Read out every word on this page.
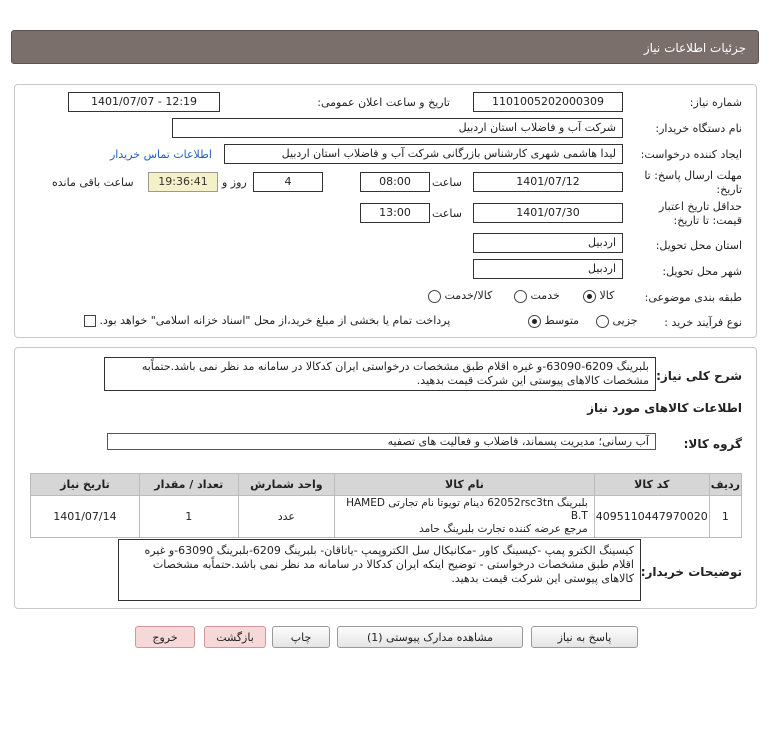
جزئیات اطلاعات نیاز
شماره نیاز:
1101005202000309
تاریخ و ساعت اعلان عمومی:
1401/07/07 - 12:19
نام دستگاه خریدار:
شرکت آب و فاضلاب استان اردبیل
ایجاد کننده درخواست:
لیدا هاشمی شهری کارشناس بازرگانی شرکت آب و فاضلاب استان اردبیل
اطلاعات تماس خریدار
مهلت ارسال پاسخ: تا
تاریخ:
1401/07/12
ساعت
08:00
4
روز و
19:36:41
ساعت باقی مانده
حداقل تاریخ اعتبار
قیمت: تا تاریخ:
1401/07/30
ساعت
13:00
استان محل تحویل:
اردبیل
شهر محل تحویل:
اردبیل
طبقه بندی موضوعی:
کالا
خدمت
کالا/خدمت
نوع فرآیند خرید :
جزیی
متوسط
پرداخت تمام یا بخشی از مبلغ خرید،از محل "اسناد خزانه اسلامی" خواهد بود.
شرح کلی نیاز:
بلبرینگ 6209-63090-و غیره اقلام طبق مشخصات درخواستی ایران کدکالا در سامانه مد نظر نمی باشد.حتماًبه مشخصات کالاهای پیوستی این شرکت قیمت بدهید.
اطلاعات کالاهای مورد نیاز
گروه کالا:
آب رسانی؛ مدیریت پسماند، فاضلاب و فعالیت های تصفیه
ردیف	کد کالا	نام کالا	واحد شمارش	تعداد / مقدار	تاریخ نیاز
1	4095110447970020	بلبرینگ 62052rsc3tn دینام تویوتا نام تجارتی HAMED B.T
مرجع عرضه کننده تجارت بلبرینگ حامد	عدد	1	1401/07/14
توضیحات خریدار:
کیسینگ الکترو پمپ -کیسینگ کاور -مکانیکال سل الکتروپمپ -یاتاقان- بلبرینگ 6209-بلبرینگ 63090-و غیره اقلام طبق مشخصات درخواستی - توضیح اینکه ایران کدکالا در سامانه مد نظر نمی باشد.حتماًبه مشخصات کالاهای پیوستی این شرکت قیمت بدهید.
پاسخ به نیاز
مشاهده مدارک پیوستی (1)
چاپ
بازگشت
خروج
